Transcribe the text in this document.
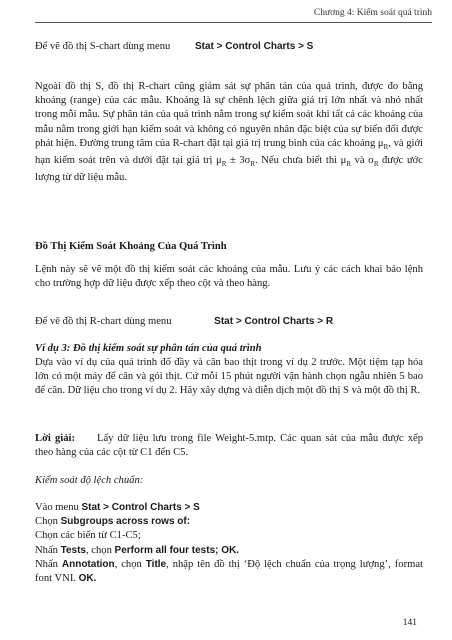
Chương 4: Kiểm soát quá trình
Để vẽ đồ thị S-chart dùng menu Stat > Control Charts > S
Ngoài đồ thị S, đồ thị R-chart cũng giám sát sự phân tán của quá trình, được đo bằng khoảng (range) của các mẫu. Khoảng là sự chênh lệch giữa giá trị lớn nhất và nhỏ nhất trong mỗi mẫu. Sự phân tán của quá trình nằm trong sự kiểm soát khi tất cả các khoảng của mẫu nằm trong giới hạn kiểm soát và không có nguyên nhân đặc biệt của sự biến đổi được phát hiện. Đường trung tâm của R-chart đặt tại giá trị trung bình của các khoảng $\mu_R$, và giới hạn kiểm soát trên và dưới đặt tại giá trị $\mu_R \pm 3\sigma_R$. Nếu chưa biết thì $\mu_R$ và $\sigma_R$ được ước lượng từ dữ liệu mẫu.
Đồ Thị Kiểm Soát Khoảng Của Quá Trình
Lệnh này sẽ vẽ một đồ thị kiểm soát các khoảng của mẫu. Lưu ý các cách khai báo lệnh cho trường hợp dữ liệu được xếp theo cột và theo hàng.
Để vẽ đồ thị R-chart dùng menu	Stat > Control Charts > R
Ví dụ 3: Đồ thị kiểm soát sự phân tán của quá trình
Dựa vào ví dụ của quá trình đổ đầy và cân bao thịt trong ví dụ 2 trước. Một tiệm tạp hóa lớn có một máy để cân và gói thịt. Cứ mỗi 15 phút người vận hành chọn ngẫu nhiên 5 bao để cân. Dữ liệu cho trong ví dụ 2. Hãy xây dựng và diễn dịch một đồ thị S và một đồ thị R.
Lời giải: Lấy dữ liệu lưu trong file Weight-5.mtp. Các quan sát của mẫu được xếp theo hàng của các cột từ C1 đến C5.
Kiểm soát độ lệch chuẩn:
Vào menu Stat > Control Charts > S
Chọn Subgroups across rows of:
Chọn các biến từ C1-C5;
Nhấn Tests, chọn Perform all four tests; OK.
Nhấn Annotation, chọn Title, nhập tên đồ thị ‘Độ lệch chuẩn của trọng lượng’, format font VNI. OK.
141
